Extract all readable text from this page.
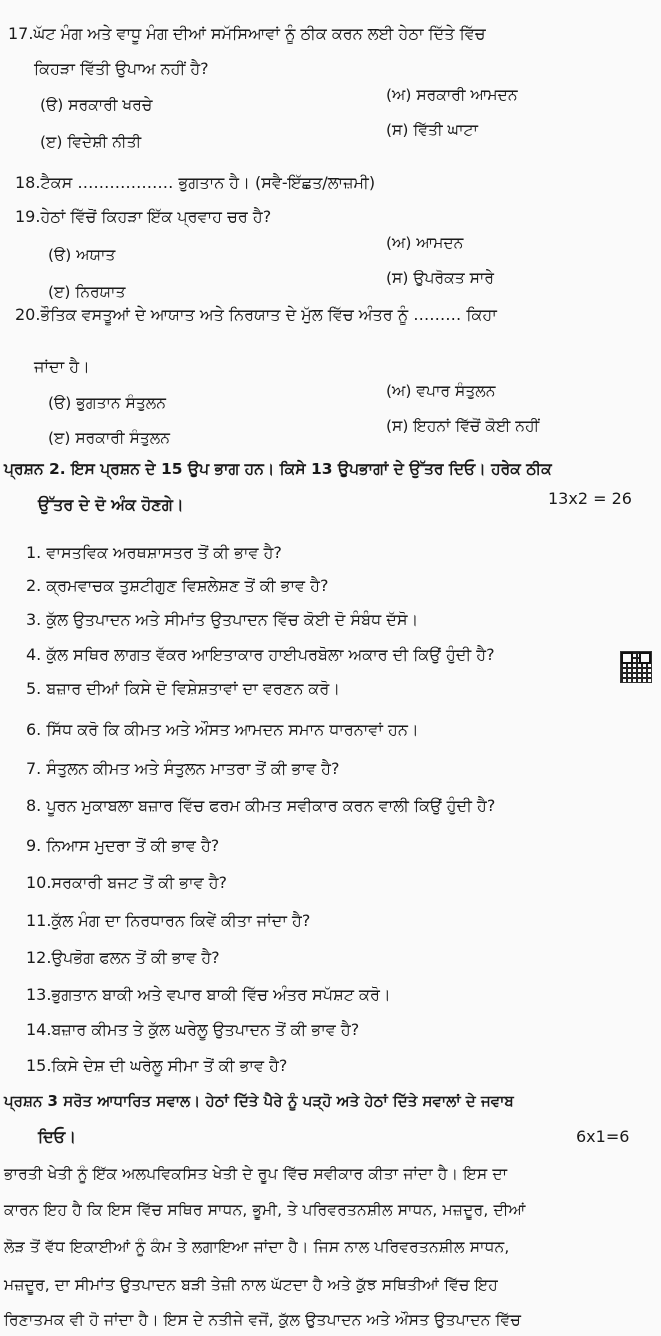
17.ਘੱਟ ਮੰਗ ਅਤੇ ਵਾਧੂ ਮੰਗ ਦੀਆਂ ਸਮੱਸਿਆਵਾਂ ਨੂੰ ਠੀਕ ਕਰਨ ਲਈ ਹੇਠਾ ਦਿੱਤੇ ਵਿੱਚ
ਕਿਹੜਾ ਵਿੱਤੀ ਉਪਾਅ ਨਹੀਂ ਹੈ?
(ੳ) ਸਰਕਾਰੀ ਖਰਚੇ
(ਅ) ਸਰਕਾਰੀ ਆਮਦਨ
(ੲ) ਵਿਦੇਸ਼ੀ ਨੀਤੀ
(ਸ) ਵਿੱਤੀ ਘਾਟਾ
18.ਟੈਕਸ ……………… ਭੁਗਤਾਨ ਹੈ। (ਸਵੈ-ਇੱਛਤ/ਲਾਜ਼ਮੀ)
19.ਹੇਠਾਂ ਵਿੱਚੋਂ ਕਿਹੜਾ ਇੱਕ ਪ੍ਰਵਾਹ ਚਰ ਹੈ?
(ੳ) ਅਯਾਤ
(ਅ) ਆਮਦਨ
(ੲ) ਨਿਰਯਾਤ
(ਸ) ਉਪਰੋਕਤ ਸਾਰੇ
20.ਭੌਤਿਕ ਵਸਤੂਆਂ ਦੇ ਆਯਾਤ ਅਤੇ ਨਿਰਯਾਤ ਦੇ ਮੁੱਲ ਵਿੱਚ ਅੰਤਰ ਨੂੰ ……… ਕਿਹਾ
ਜਾਂਦਾ ਹੈ।
(ੳ) ਭੁਗਤਾਨ ਸੰਤੁਲਨ
(ਅ) ਵਪਾਰ ਸੰਤੁਲਨ
(ੲ) ਸਰਕਾਰੀ ਸੰਤੁਲਨ
(ਸ) ਇਹਨਾਂ ਵਿੱਚੋਂ ਕੋਈ ਨਹੀਂ
ਪ੍ਰਸ਼ਨ 2. ਇਸ ਪ੍ਰਸ਼ਨ ਦੇ 15 ਉਪ ਭਾਗ ਹਨ। ਕਿਸੇ 13 ਉਪਭਾਗਾਂ ਦੇ ਉੱਤਰ ਦਿਓ। ਹਰੇਕ ਠੀਕ
ਉੱਤਰ ਦੇ ਦੋ ਅੰਕ ਹੋਣਗੇ।	13x2 = 26
1. ਵਾਸਤਵਿਕ ਅਰਥਸ਼ਾਸਤਰ ਤੋਂ ਕੀ ਭਾਵ ਹੈ?
2. ਕ੍ਰਮਵਾਚਕ ਤੁਸ਼ਟੀਗੁਣ ਵਿਸ਼ਲੇਸ਼ਣ ਤੋਂ ਕੀ ਭਾਵ ਹੈ?
3. ਕੁੱਲ ਉਤਪਾਦਨ ਅਤੇ ਸੀਮਾਂਤ ਉਤਪਾਦਨ ਵਿੱਚ ਕੋਈ ਦੋ ਸੰਬੰਧ ਦੱਸੋ।
4. ਕੁੱਲ ਸਥਿਰ ਲਾਗਤ ਵੱਕਰ ਆਇਤਾਕਾਰ ਹਾਈਪਰਬੋਲਾ ਅਕਾਰ ਦੀ ਕਿਉਂ ਹੁੰਦੀ ਹੈ?
5. ਬਜ਼ਾਰ ਦੀਆਂ ਕਿਸੇ ਦੋ ਵਿਸ਼ੇਸ਼ਤਾਵਾਂ ਦਾ ਵਰਣਨ ਕਰੋ।
6. ਸਿੱਧ ਕਰੋ ਕਿ ਕੀਮਤ ਅਤੇ ਔਸਤ ਆਮਦਨ ਸਮਾਨ ਧਾਰਨਾਵਾਂ ਹਨ।
7. ਸੰਤੁਲਨ ਕੀਮਤ ਅਤੇ ਸੰਤੁਲਨ ਮਾਤਰਾ ਤੋਂ ਕੀ ਭਾਵ ਹੈ?
8. ਪੂਰਨ ਮੁਕਾਬਲਾ ਬਜ਼ਾਰ ਵਿੱਚ ਫਰਮ ਕੀਮਤ ਸਵੀਕਾਰ ਕਰਨ ਵਾਲੀ ਕਿਉਂ ਹੁੰਦੀ ਹੈ?
9. ਨਿਆਸ ਮੁਦਰਾ ਤੋਂ ਕੀ ਭਾਵ ਹੈ?
10.ਸਰਕਾਰੀ ਬਜਟ ਤੋਂ ਕੀ ਭਾਵ ਹੈ?
11.ਕੁੱਲ ਮੰਗ ਦਾ ਨਿਰਧਾਰਨ ਕਿਵੇਂ ਕੀਤਾ ਜਾਂਦਾ ਹੈ?
12.ਉਪਭੋਗ ਫਲਨ ਤੋਂ ਕੀ ਭਾਵ ਹੈ?
13.ਭੁਗਤਾਨ ਬਾਕੀ ਅਤੇ ਵਪਾਰ ਬਾਕੀ ਵਿੱਚ ਅੰਤਰ ਸਪੱਸ਼ਟ ਕਰੋ।
14.ਬਜ਼ਾਰ ਕੀਮਤ ਤੇ ਕੁੱਲ ਘਰੇਲੂ ਉਤਪਾਦਨ ਤੋਂ ਕੀ ਭਾਵ ਹੈ?
15.ਕਿਸੇ ਦੇਸ਼ ਦੀ ਘਰੇਲੂ ਸੀਮਾ ਤੋਂ ਕੀ ਭਾਵ ਹੈ?
ਪ੍ਰਸ਼ਨ 3 ਸਰੋਤ ਆਧਾਰਿਤ ਸਵਾਲ। ਹੇਠਾਂ ਦਿੱਤੇ ਪੈਰੇ ਨੂੰ ਪੜ੍ਹੋ ਅਤੇ ਹੇਠਾਂ ਦਿੱਤੇ ਸਵਾਲਾਂ ਦੇ ਜਵਾਬ
ਦਿਓ।	6x1=6
ਭਾਰਤੀ ਖੇਤੀ ਨੂੰ ਇੱਕ ਅਲਪਵਿਕਸਿਤ ਖੇਤੀ ਦੇ ਰੂਪ ਵਿੱਚ ਸਵੀਕਾਰ ਕੀਤਾ ਜਾਂਦਾ ਹੈ। ਇਸ ਦਾ
ਕਾਰਨ ਇਹ ਹੈ ਕਿ ਇਸ ਵਿੱਚ ਸਥਿਰ ਸਾਧਨ, ਭੂਮੀ, ਤੇ ਪਰਿਵਰਤਨਸ਼ੀਲ ਸਾਧਨ, ਮਜ਼ਦੂਰ, ਦੀਆਂ
ਲੋੜ ਤੋਂ ਵੱਧ ਇਕਾਈਆਂ ਨੂੰ ਕੰਮ ਤੇ ਲਗਾਇਆ ਜਾਂਦਾ ਹੈ। ਜਿਸ ਨਾਲ ਪਰਿਵਰਤਨਸ਼ੀਲ ਸਾਧਨ,
ਮਜ਼ਦੂਰ, ਦਾ ਸੀਮਾਂਤ ਉਤਪਾਦਨ ਬੜੀ ਤੇਜ਼ੀ ਨਾਲ ਘੱਟਦਾ ਹੈ ਅਤੇ ਕੁੱਝ ਸਥਿਤੀਆਂ ਵਿੱਚ ਇਹ
ਰਿਣਾਤਮਕ ਵੀ ਹੋ ਜਾਂਦਾ ਹੈ। ਇਸ ਦੇ ਨਤੀਜੇ ਵਜੋਂ, ਕੁੱਲ ਉਤਪਾਦਨ ਅਤੇ ਔਸਤ ਉਤਪਾਦਨ ਵਿੱਚ
